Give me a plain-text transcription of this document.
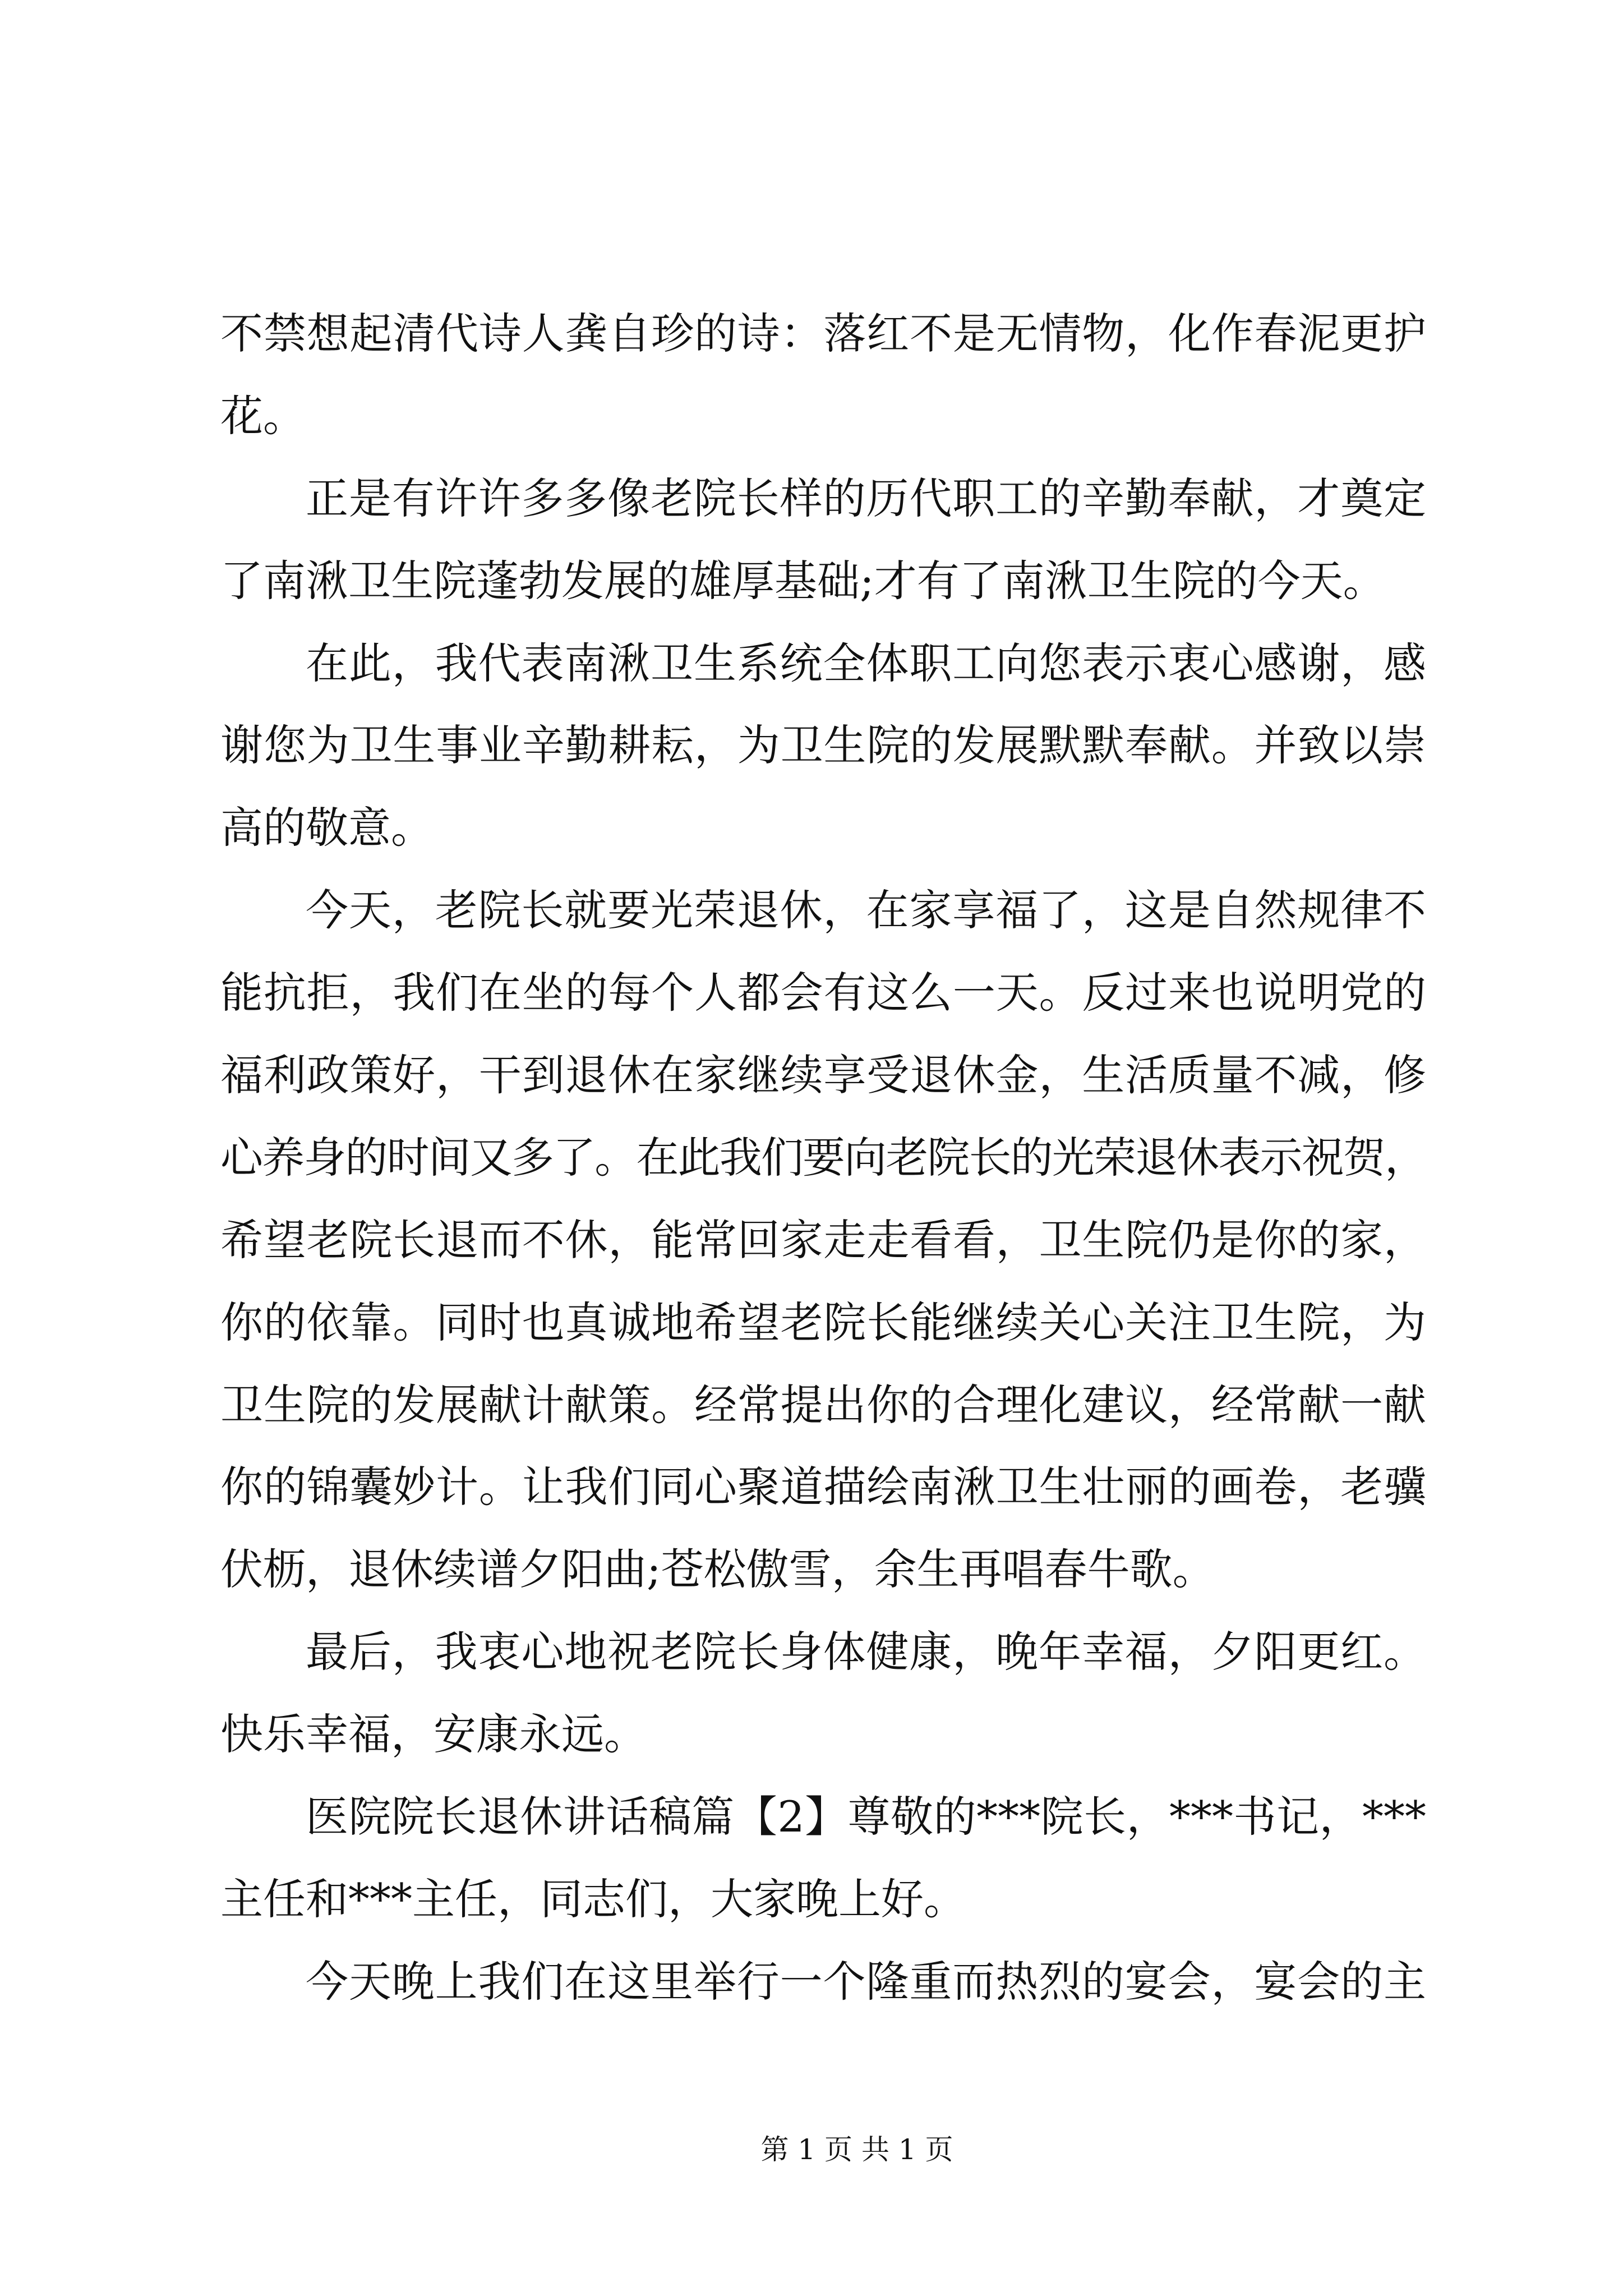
不禁想起清代诗人龚自珍的诗：落红不是无情物，化作春泥更护
花。
正是有许许多多像老院长样的历代职工的辛勤奉献，才奠定
了南湫卫生院蓬勃发展的雄厚基础;才有了南湫卫生院的今天。
在此，我代表南湫卫生系统全体职工向您表示衷心感谢，感
谢您为卫生事业辛勤耕耘，为卫生院的发展默默奉献。并致以崇
高的敬意。
今天，老院长就要光荣退休，在家享福了，这是自然规律不
能抗拒，我们在坐的每个人都会有这么一天。反过来也说明党的
福利政策好，干到退休在家继续享受退休金，生活质量不减，修
心养身的时间又多了。在此我们要向老院长的光荣退休表示祝贺，
希望老院长退而不休，能常回家走走看看，卫生院仍是你的家，
你的依靠。同时也真诚地希望老院长能继续关心关注卫生院，为
卫生院的发展献计献策。经常提出你的合理化建议，经常献一献
你的锦囊妙计。让我们同心聚道描绘南湫卫生壮丽的画卷，老骥
伏枥，退休续谱夕阳曲;苍松傲雪，余生再唱春牛歌。
最后，我衷心地祝老院长身体健康，晚年幸福，夕阳更红。
快乐幸福，安康永远。
医院院长退休讲话稿篇【2】尊敬的***院长，***书记，***
主任和***主任，同志们，大家晚上好。
今天晚上我们在这里举行一个隆重而热烈的宴会，宴会的主
第 1 页 共 1 页
